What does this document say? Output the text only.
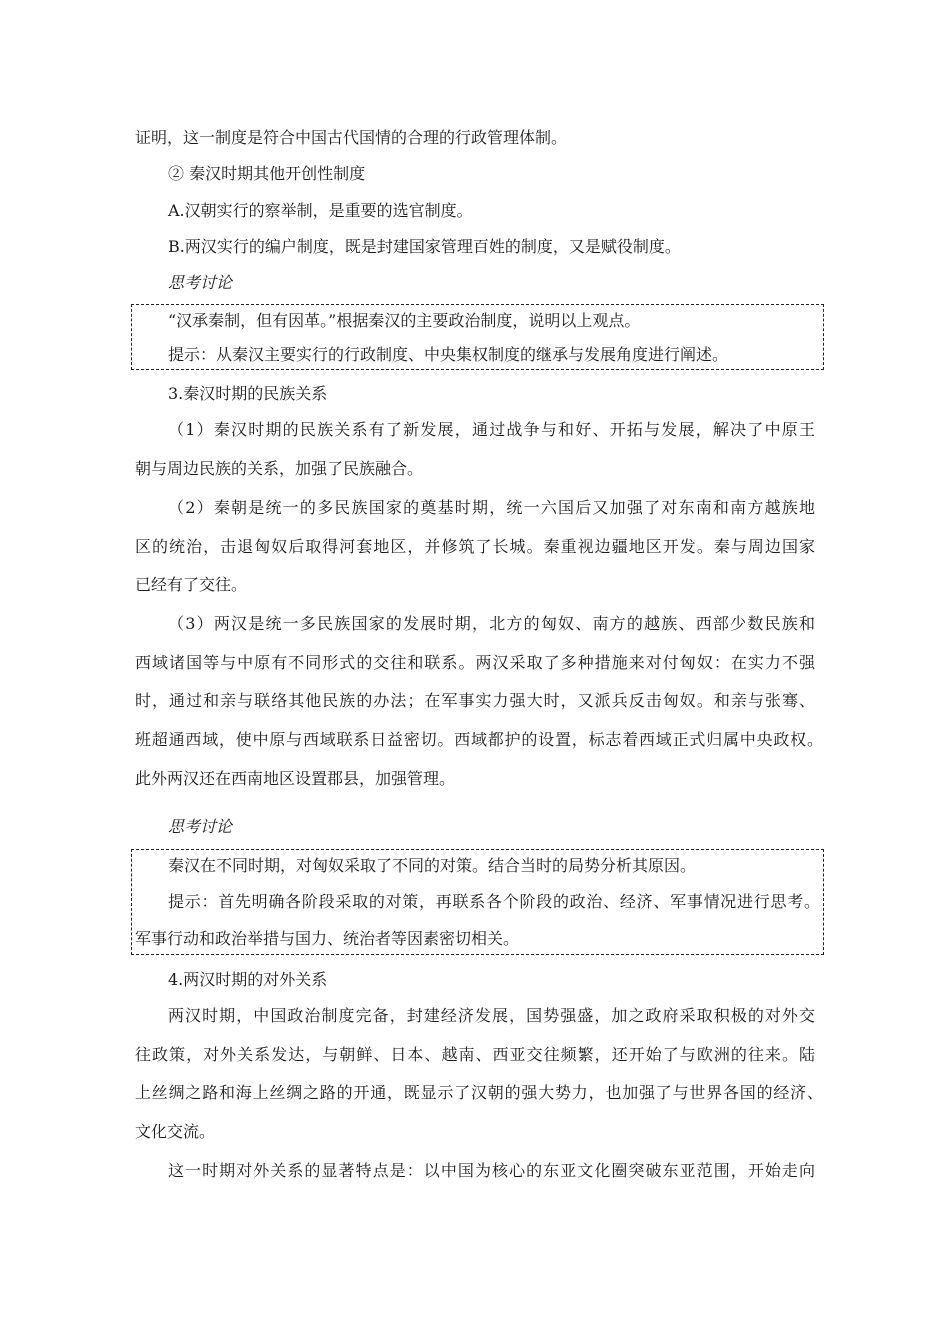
证明，这一制度是符合中国古代国情的合理的行政管理体制。
② 秦汉时期其他开创性制度
A.汉朝实行的察举制，是重要的选官制度。
B.两汉实行的编户制度，既是封建国家管理百姓的制度，又是赋役制度。
思考讨论
“汉承秦制，但有因革。”根据秦汉的主要政治制度，说明以上观点。
提示：从秦汉主要实行的行政制度、中央集权制度的继承与发展角度进行阐述。
3.秦汉时期的民族关系
（1）秦汉时期的民族关系有了新发展，通过战争与和好、开拓与发展，解决了中原王
朝与周边民族的关系，加强了民族融合。
（2）秦朝是统一的多民族国家的奠基时期，统一六国后又加强了对东南和南方越族地
区的统治，击退匈奴后取得河套地区，并修筑了长城。秦重视边疆地区开发。秦与周边国家
已经有了交往。
（3）两汉是统一多民族国家的发展时期，北方的匈奴、南方的越族、西部少数民族和
西域诸国等与中原有不同形式的交往和联系。两汉采取了多种措施来对付匈奴：在实力不强
时，通过和亲与联络其他民族的办法；在军事实力强大时，又派兵反击匈奴。和亲与张骞、
班超通西域，使中原与西域联系日益密切。西域都护的设置，标志着西域正式归属中央政权。
此外两汉还在西南地区设置郡县，加强管理。
思考讨论
秦汉在不同时期，对匈奴采取了不同的对策。结合当时的局势分析其原因。
提示：首先明确各阶段采取的对策，再联系各个阶段的政治、经济、军事情况进行思考。
军事行动和政治举措与国力、统治者等因素密切相关。
4.两汉时期的对外关系
两汉时期，中国政治制度完备，封建经济发展，国势强盛，加之政府采取积极的对外交
往政策，对外关系发达，与朝鲜、日本、越南、西亚交往频繁，还开始了与欧洲的往来。陆
上丝绸之路和海上丝绸之路的开通，既显示了汉朝的强大势力，也加强了与世界各国的经济、
文化交流。
这一时期对外关系的显著特点是：以中国为核心的东亚文化圈突破东亚范围，开始走向
